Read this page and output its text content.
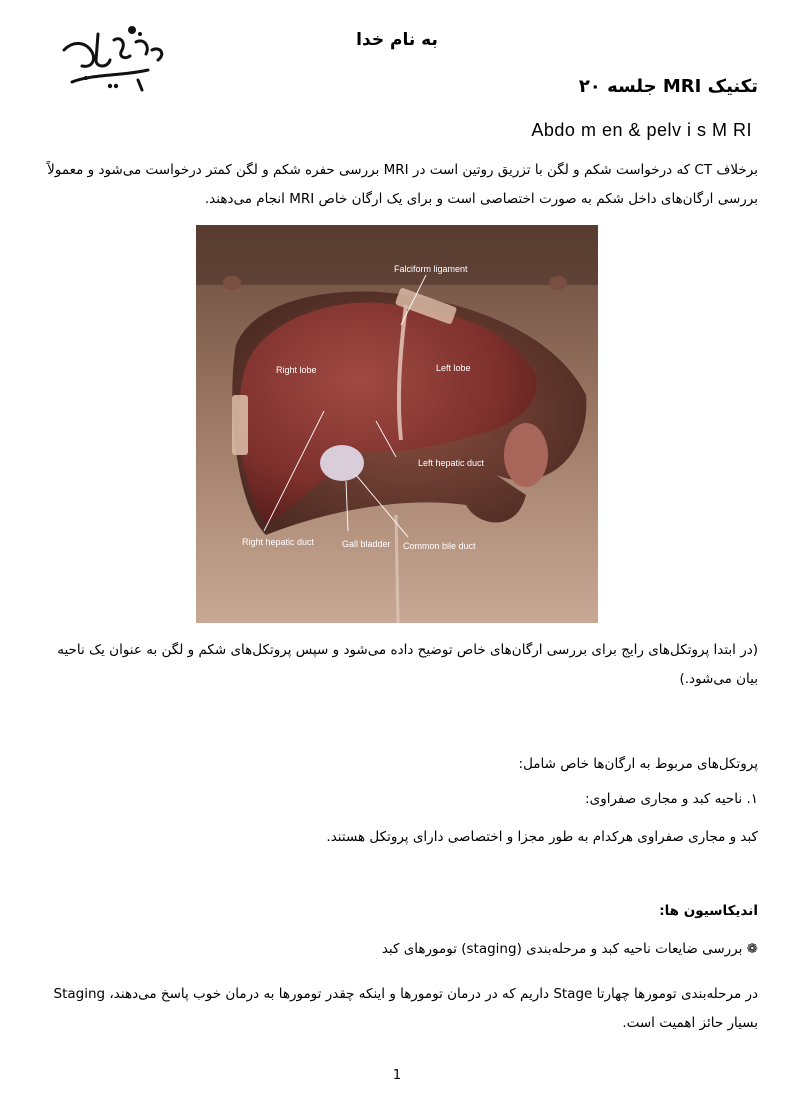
به نام خدا
تکنیک MRI جلسه ۲۰
Abdo m en & pelv i s M RI
برخلاف CT که درخواست شکم و لگن با تزریق روتین است در MRI بررسی حفره شکم و لگن کمتر درخواست می‌شود و معمولاً بررسی ارگان‌های داخل شکم به صورت اختصاصی است و برای یک ارگان خاص MRI انجام می‌دهند.
Falciform ligament
Right lobe	Left lobe
Left hepatic duct
Right hepatic duct	Gall bladder Common bile duct
(در ابتدا پروتکل‌های رایج برای بررسی ارگان‌های خاص توضیح داده می‌شود و سپس پروتکل‌های شکم و لگن به عنوان یک ناحیه بیان می‌شود.)
پروتکل‌های مربوط به ارگان‌ها خاص شامل:
۱. ناحیه کبد و مجاری صفراوی:
کبد و مجاری صفراوی هرکدام به طور مجزا و اختصاصی دارای پروتکل هستند.
اندیکاسیون ها:
❁ بررسی ضایعات ناحیه کبد و مرحله‌بندی (staging) تومورهای کبد
در مرحله‌بندی تومورها چهارتا Stage داریم که در درمان تومورها و اینکه چقدر تومورها به درمان خوب پاسخ می‌دهند، Staging بسیار حائز اهمیت است.
1
